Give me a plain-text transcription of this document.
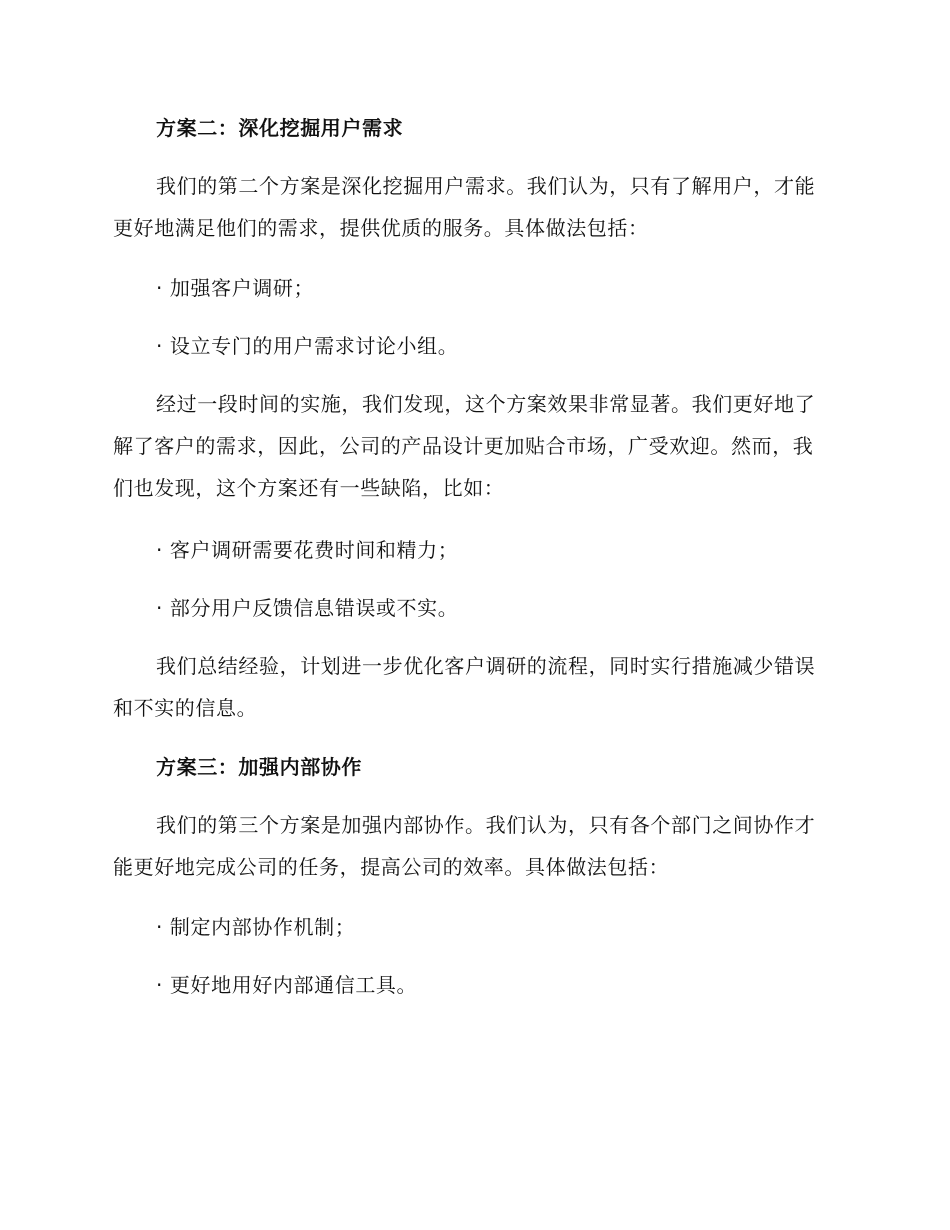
方案二：深化挖掘用户需求

我们的第二个方案是深化挖掘用户需求。我们认为，只有了解用户，才能更好地满足他们的需求，提供优质的服务。具体做法包括：

· 加强客户调研；

· 设立专门的用户需求讨论小组。

经过一段时间的实施，我们发现，这个方案效果非常显著。我们更好地了解了客户的需求，因此，公司的产品设计更加贴合市场，广受欢迎。然而，我们也发现，这个方案还有一些缺陷，比如：

· 客户调研需要花费时间和精力；

· 部分用户反馈信息错误或不实。

我们总结经验，计划进一步优化客户调研的流程，同时实行措施减少错误和不实的信息。

方案三：加强内部协作

我们的第三个方案是加强内部协作。我们认为，只有各个部门之间协作才能更好地完成公司的任务，提高公司的效率。具体做法包括：

· 制定内部协作机制；

· 更好地用好内部通信工具。
